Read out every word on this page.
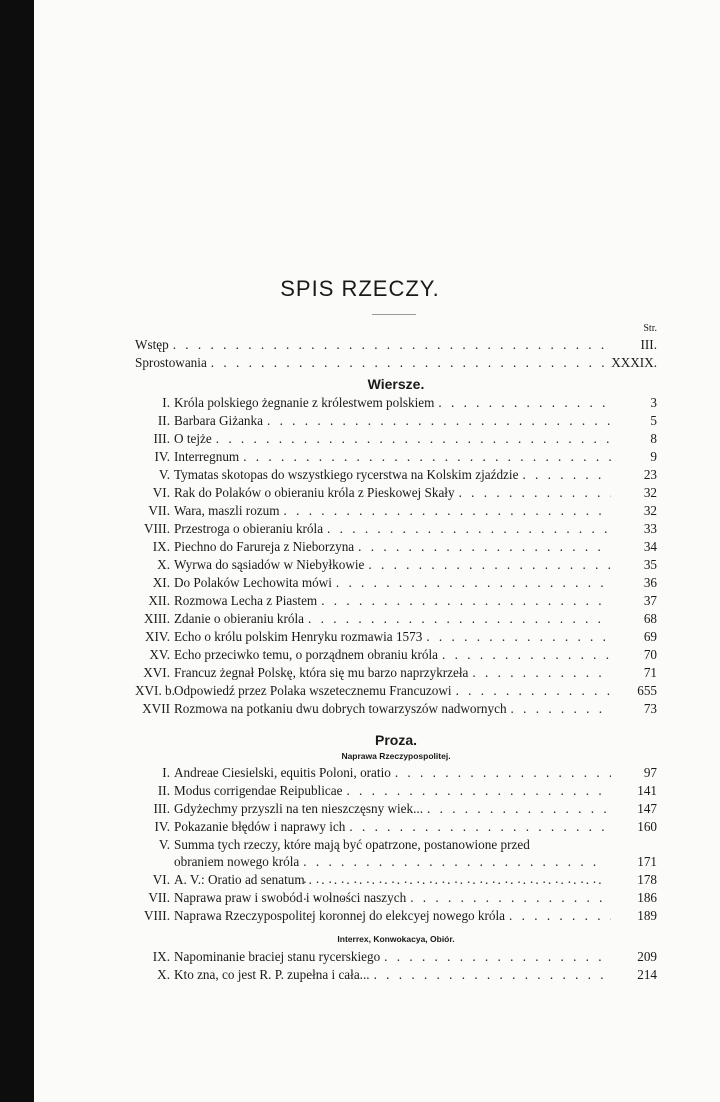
SPIS RZECZY.
Str.
Wstęp . . .	III.
Sprostowania . . .	XXXIX.
Wiersze.
I. Króla polskiego żegnanie z królestwem polskiem . . .	3
II. Barbara Giżanka . . .	5
III. O tejże . . .	8
IV. Interregnum . . .	9
V. Tymatas skotopas do wszystkiego rycerstwa na Kolskim zjaździe . . .	23
VI. Rak do Polaków o obieraniu króla z Pieskowej Skały . . .	32
VII. Wara, maszli rozum . . .	32
VIII. Przestroga o obieraniu króla . . .	33
IX. Piechno do Farureja z Nieborzyna . . .	34
X. Wyrwa do sąsiadów w Niebyłkowie . . .	35
XI. Do Polaków Lechowita mówi . . .	36
XII. Rozmowa Lecha z Piastem . . .	37
XIII. Zdanie o obieraniu króla . . .	68
XIV. Echo o królu polskim Henryku rozmawia 1573 . . .	69
XV. Echo przeciwko temu, o porządnem obraniu króla . . .	70
XVI. Francuz żegnał Polskę, która się mu barzo naprzykrzeła . . .	71
XVI. b. Odpowiedź przez Polaka wszetecznemu Francuzowi . . .	655
XVII Rozmowa na potkaniu dwu dobrych towarzyszów nadwornych . . .	73
Proza.
Naprawa Rzeczypospolitej.
I. Andreae Ciesielski, equitis Poloni, oratio . . .	97
II. Modus corrigendae Reipublicae . . .	141
III. Gdyżechmy przyszli na ten nieszczęsny wiek... . . .	147
IV. Pokazanie błędów i naprawy ich . . .	160
V. Summa tych rzeczy, które mają być opatrzone, postanowione przed
obraniem nowego króla . . .	171
VI. A. V.: Oratio ad senatum . . .	178
VII. Naprawa praw i swobód i wolności naszych . . .	186
VIII. Naprawa Rzeczypospolitej koronnej do elekcyej nowego króla . . .	189
Interrex, Konwokacya, Obiór.
IX. Napominanie braciej stanu rycerskiego . . .	209
X. Kto zna, co jest R. P. zupełna i cała... . . .	214
